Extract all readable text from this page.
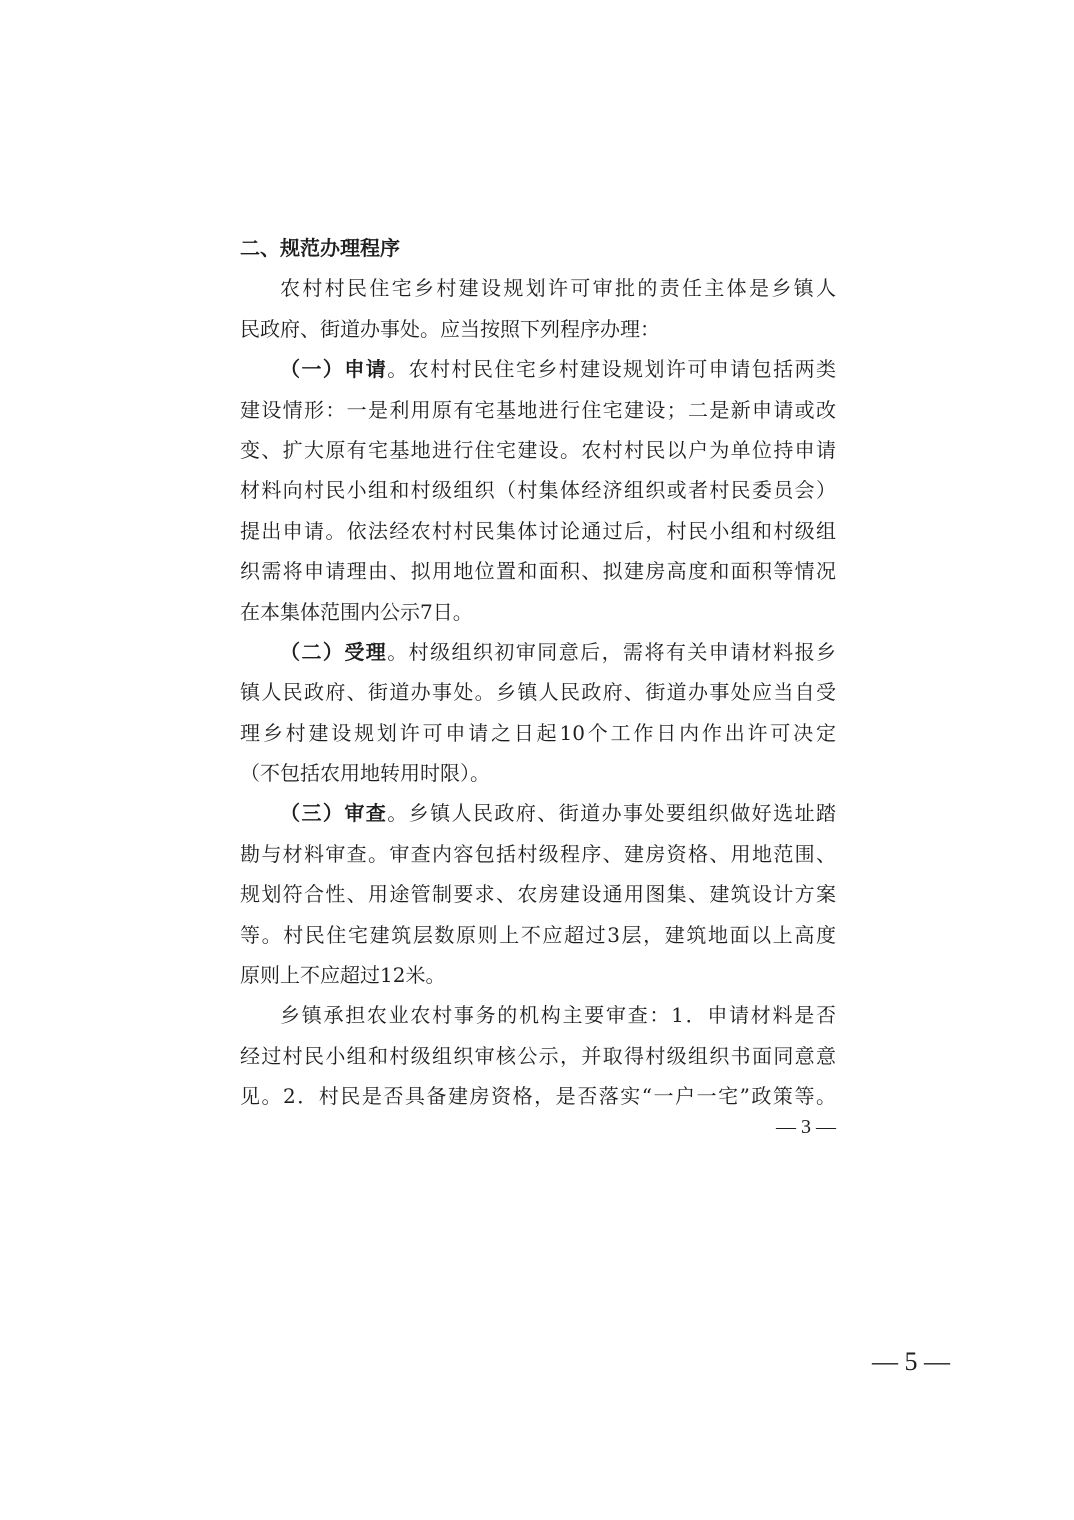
二、规范办理程序
农村村民住宅乡村建设规划许可审批的责任主体是乡镇人
民政府、街道办事处。应当按照下列程序办理：
（一）申请。农村村民住宅乡村建设规划许可申请包括两类
建设情形：一是利用原有宅基地进行住宅建设；二是新申请或改
变、扩大原有宅基地进行住宅建设。农村村民以户为单位持申请
材料向村民小组和村级组织（村集体经济组织或者村民委员会）
提出申请。依法经农村村民集体讨论通过后，村民小组和村级组
织需将申请理由、拟用地位置和面积、拟建房高度和面积等情况
在本集体范围内公示7日。
（二）受理。村级组织初审同意后，需将有关申请材料报乡
镇人民政府、街道办事处。乡镇人民政府、街道办事处应当自受
理乡村建设规划许可申请之日起10个工作日内作出许可决定
（不包括农用地转用时限）。
（三）审查。乡镇人民政府、街道办事处要组织做好选址踏
勘与材料审查。审查内容包括村级程序、建房资格、用地范围、
规划符合性、用途管制要求、农房建设通用图集、建筑设计方案
等。村民住宅建筑层数原则上不应超过3层，建筑地面以上高度
原则上不应超过12米。
乡镇承担农业农村事务的机构主要审查：1．申请材料是否
经过村民小组和村级组织审核公示，并取得村级组织书面同意意
见。2．村民是否具备建房资格，是否落实“一户一宅”政策等。
— 3 —
— 5 —
